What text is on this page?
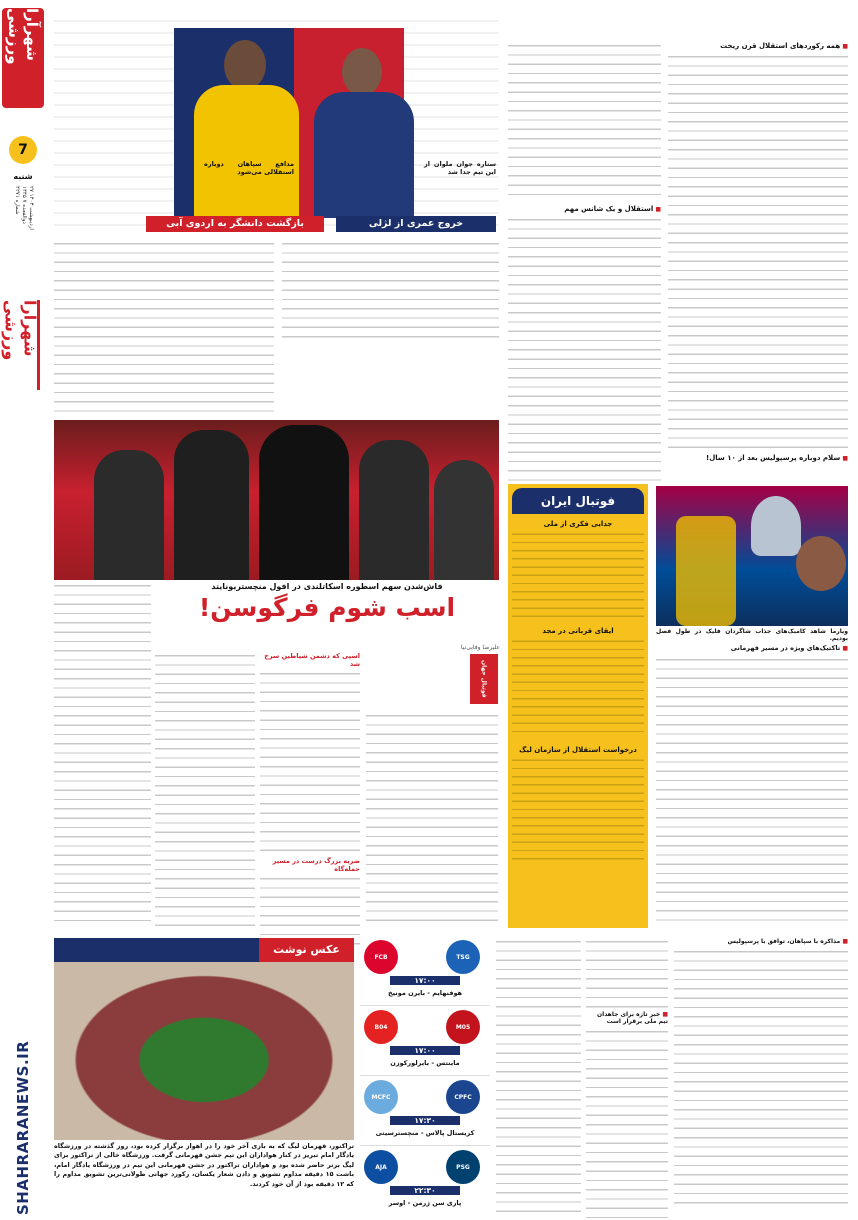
شهرآرا ورزشی
7
شنبه
۲۷ اردیبهشت ۱۴۰۳
۱۴۴۵ ذوالقعده ۷
شماره ۴۲۷۱
شهرآرا ورزشی
SHAHRARANEWS.IR
مدافع سپاهان دوباره استقلالی می‌شود
ستاره جوان ملوان از این تیم جدا شد
بازگشت دانشگر به اردوی آبی	خروج عمری از لژلی
■ همه رکوردهای استقلال قرن ریخت
■ سلام دوباره پرسپولیس بعد از ۱۰ سال!
■ استقلال و یک شانس مهم
فاش‌شدن سهم اسطوره اسکاتلندی در افول منچستریونایتد
اسب شوم فرگوسن!
علیرضا وفایی‌نیا
فوتبال جهان
اسپی که دشمن شیاطین سرخ شد
ضربه بزرگ درست در مسیر حمله‌گاه
فوتبال ایران
جدایی فکری از ملی
ایقای قربانی در مجد
درخواست استقلال از سازمان لیگ
ویارما شاهد کامبک‌های جذاب شاگردان فلیک در طول فصل بودیم.
■ تاکتیک‌های ویژه در مسیر قهرمانی
عکس نوشت
تراکتور، قهرمان لیگ که به بازی آخر خود را در اهواز برگزار کرده بود، روز گذشته در ورزشگاه یادگار امام تبریز در کنار هواداران این تیم جشن قهرمانی گرفت. ورزشگاه خالی از تراکتور برای لیگ برتر حاضر شده بود و هواداران تراکتور در جشن قهرمانی این تیم در ورزشگاه یادگار امام، باشت ۱۵ دقیقه مداوم تشویق و دادن شعار یکسان، رکورد جهانی طولانی‌ترین تشویق مداوم را که ۱۲ دقیقه بود از آن خود کردند.
FCB	TSG
۱۷:۰۰
هوفنهایم - بایرن مونیخ
B04	M05
۱۷:۰۰
ماینتس - بایرلورکوزن
MCFC	CPFC
۱۷:۳۰
کریستال پالاس - منچسترسیتی
AJA	PSG
۲۲:۳۰
پاری سن ژرمن - اوسر
■ خبر تازه برای جاهدان تیم ملی برقرار است
■ مذاکره با سپاهان، توافق با پرسپولیس
